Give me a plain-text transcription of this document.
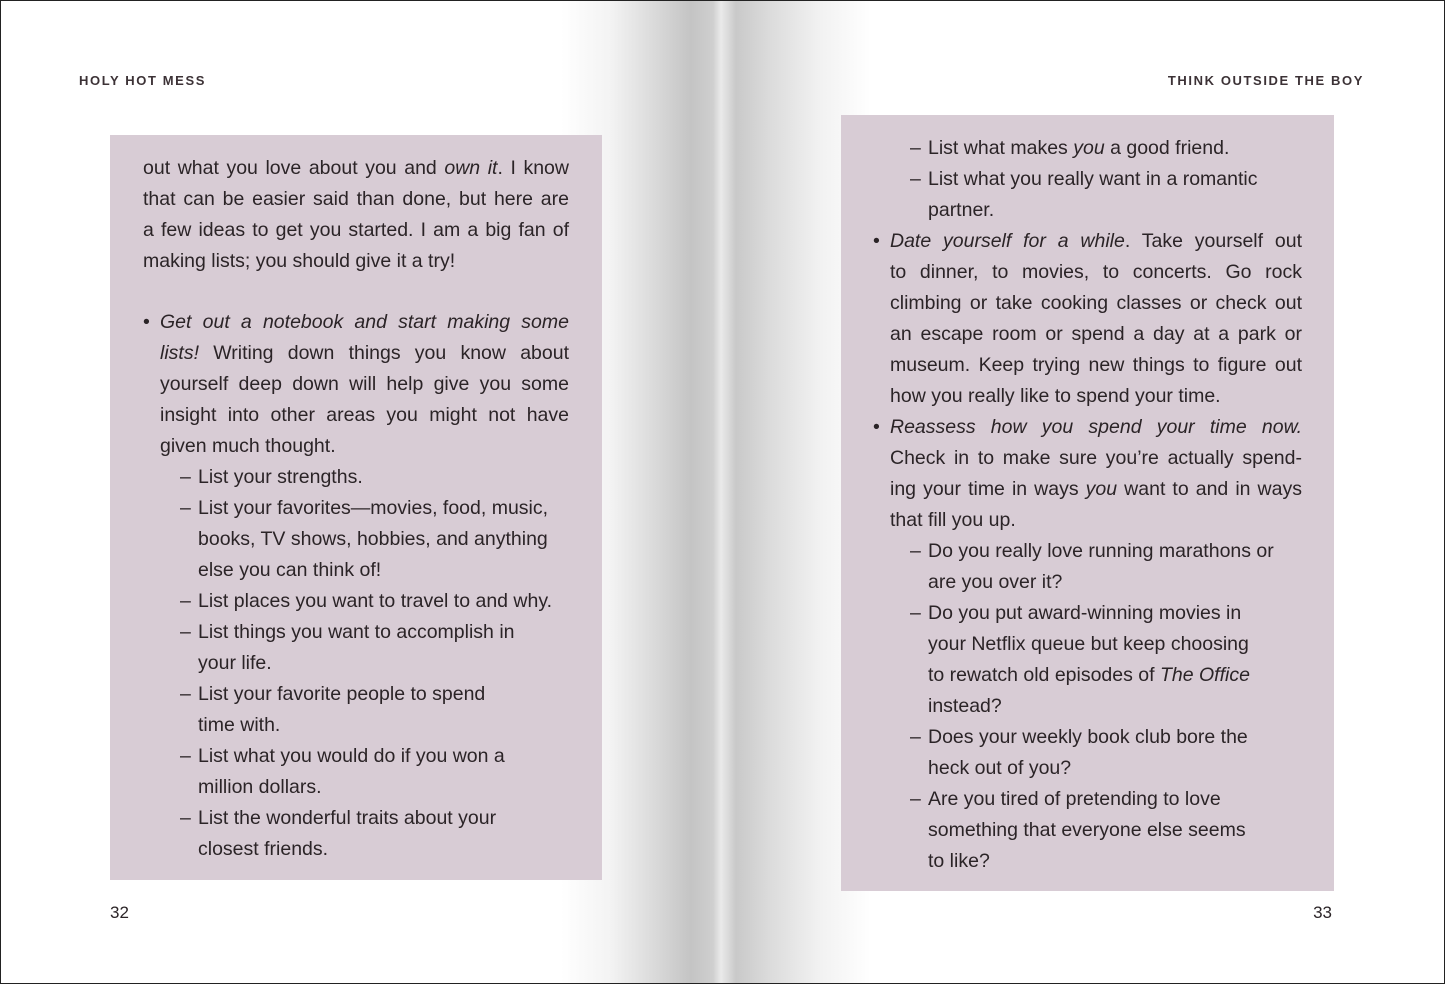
HOLY HOT MESS	THINK OUTSIDE THE BOY
out what you love about you and own it. I know
that can be easier said than done, but here are
a few ideas to get you started. I am a big fan of
making lists; you should give it a try!
• Get out a notebook and start making some
lists! Writing down things you know about
yourself deep down will help give you some
insight into other areas you might not have
given much thought.
– List your strengths.
– List your favorites—movies, food, music,
books, TV shows, hobbies, and anything
else you can think of!
– List places you want to travel to and why.
– List things you want to accomplish in
your life.
– List your favorite people to spend
time with.
– List what you would do if you won a
million dollars.
– List the wonderful traits about your
closest friends.
– List what makes you a good friend.
– List what you really want in a romantic
partner.
• Date yourself for a while. Take yourself out
to dinner, to movies, to concerts. Go rock
climbing or take cooking classes or check out
an escape room or spend a day at a park or
museum. Keep trying new things to figure out
how you really like to spend your time.
• Reassess how you spend your time now.
Check in to make sure you’re actually spend-
ing your time in ways you want to and in ways
that fill you up.
– Do you really love running marathons or
are you over it?
– Do you put award-winning movies in
your Netflix queue but keep choosing
to rewatch old episodes of The Office
instead?
– Does your weekly book club bore the
heck out of you?
– Are you tired of pretending to love
something that everyone else seems
to like?
32	33
